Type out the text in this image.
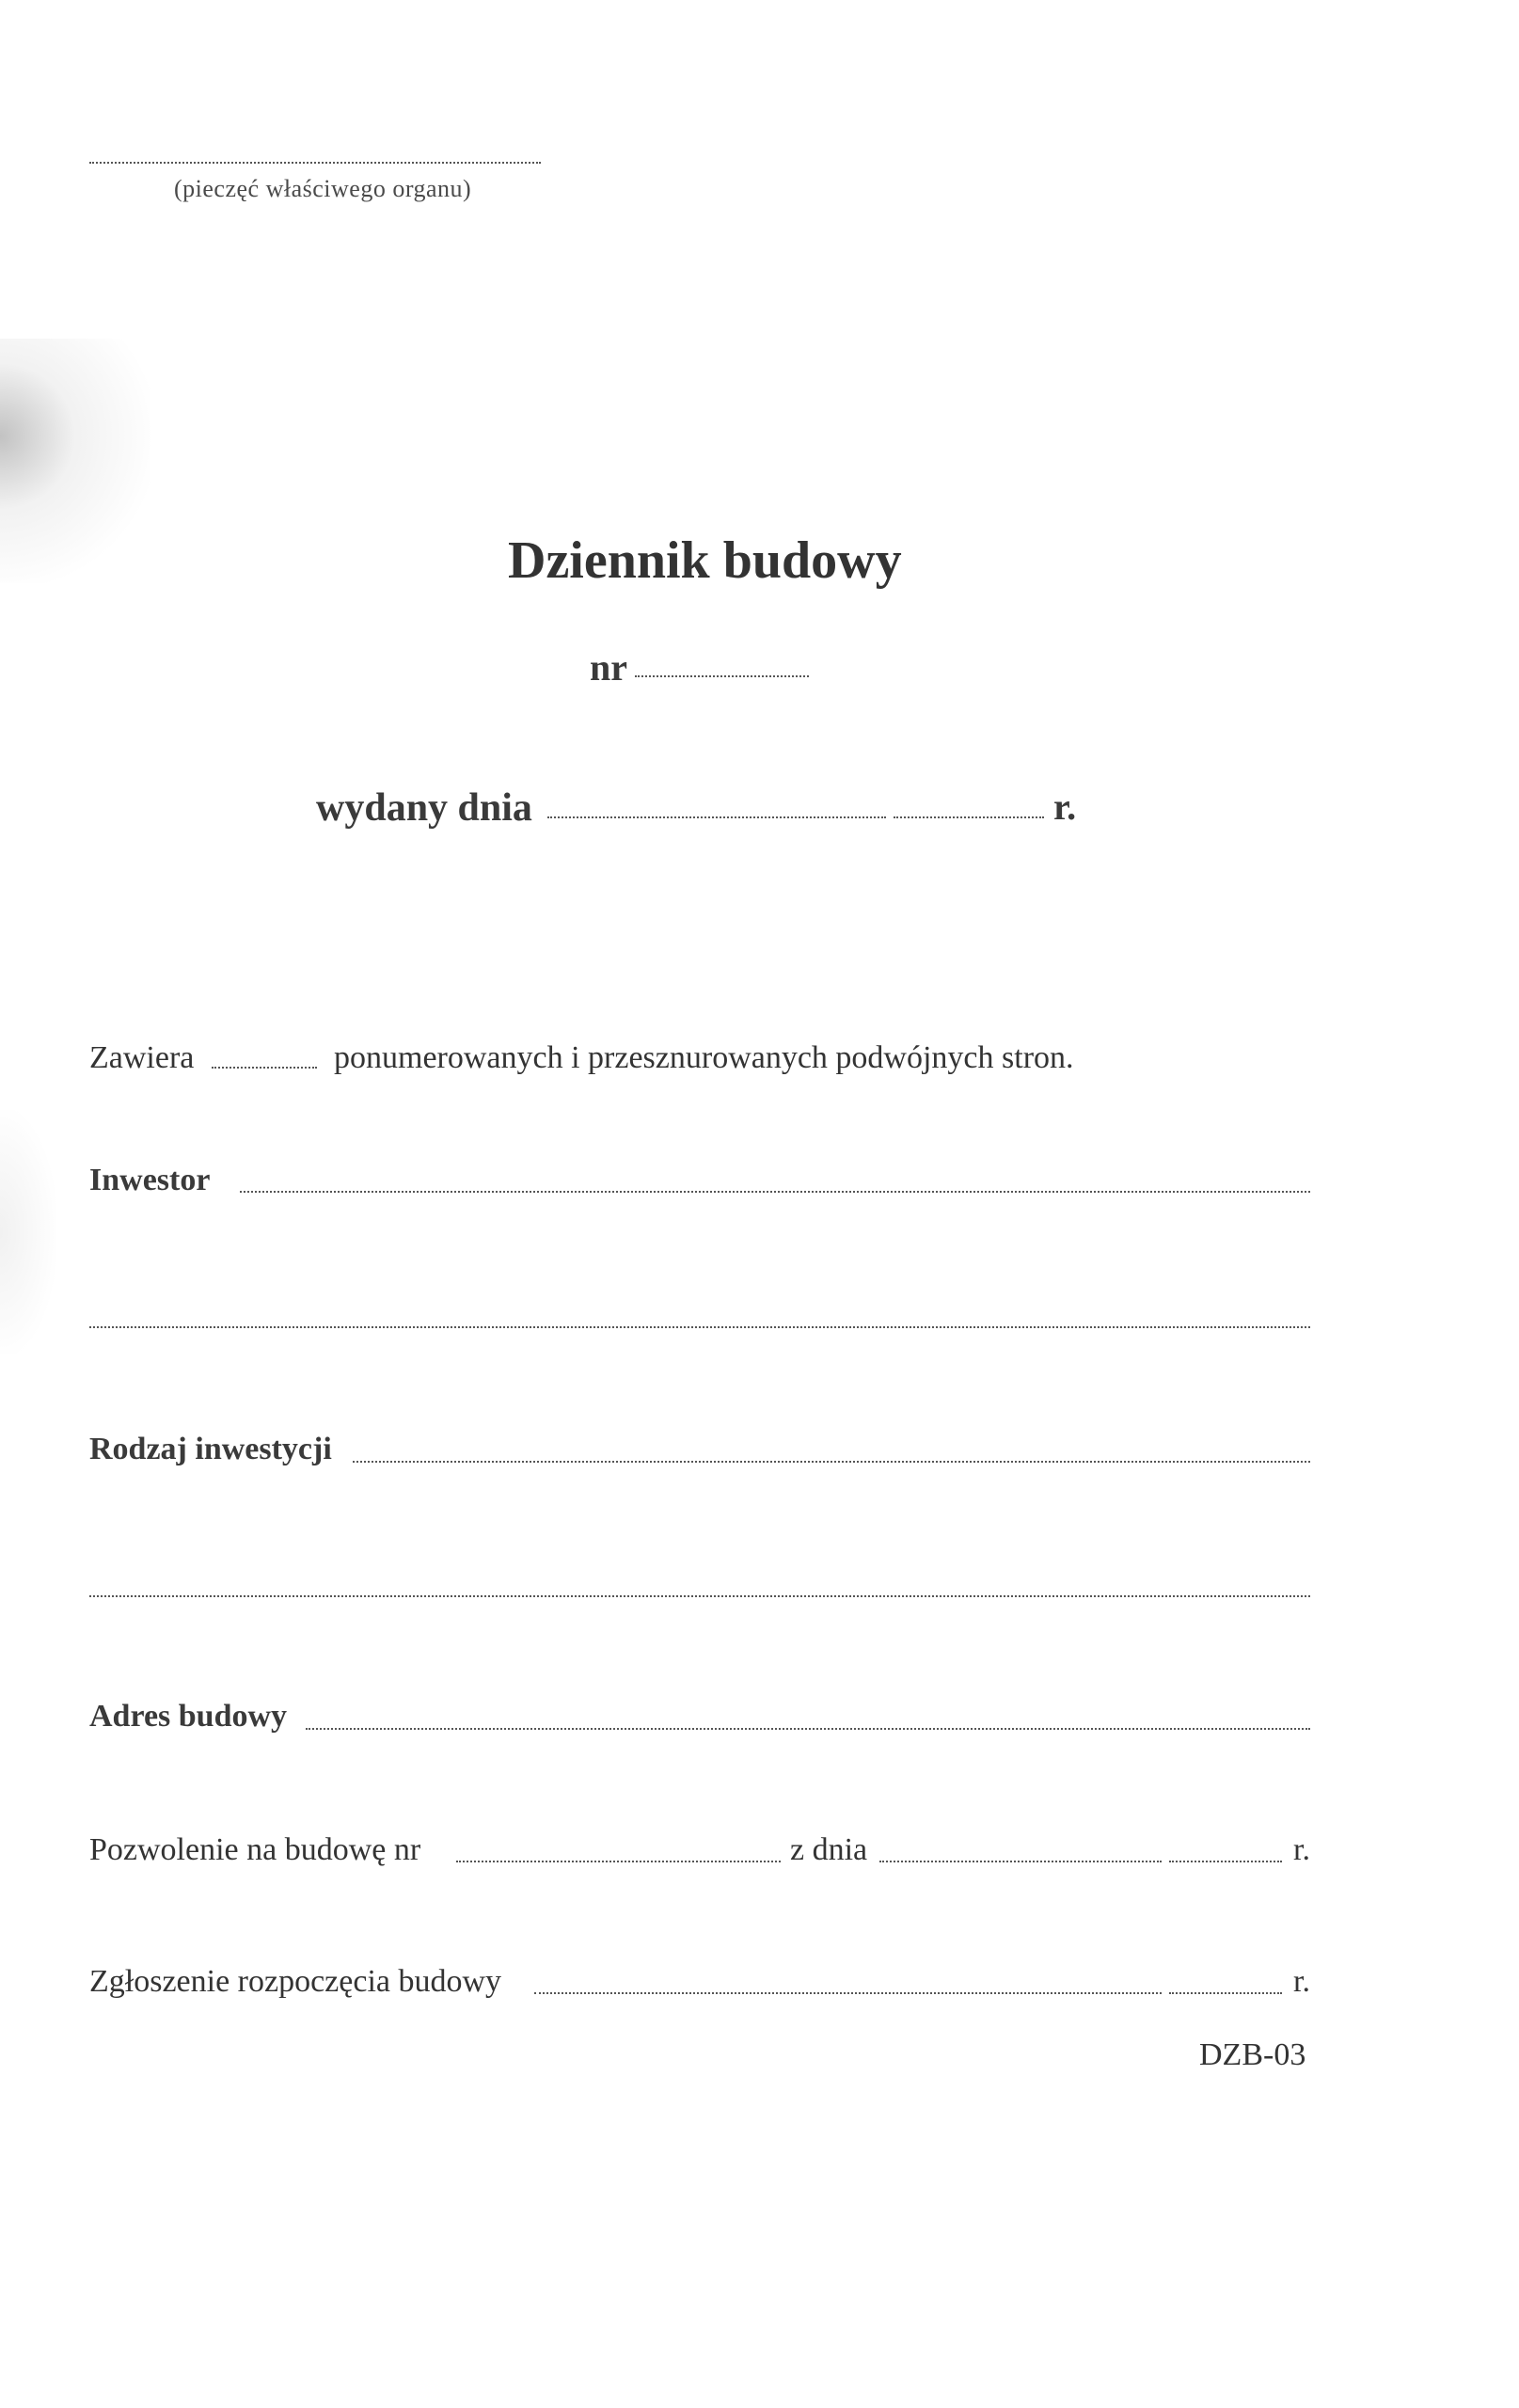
(pieczęć właściwego organu)
Dziennik budowy
nr
wydany dnia	r.
Zawiera	ponumerowanych i przesznurowanych podwójnych stron.
Inwestor
Rodzaj inwestycji
Adres budowy
Pozwolenie na budowę nr	z dnia	r.
Zgłoszenie rozpoczęcia budowy	r.
DZB-03
